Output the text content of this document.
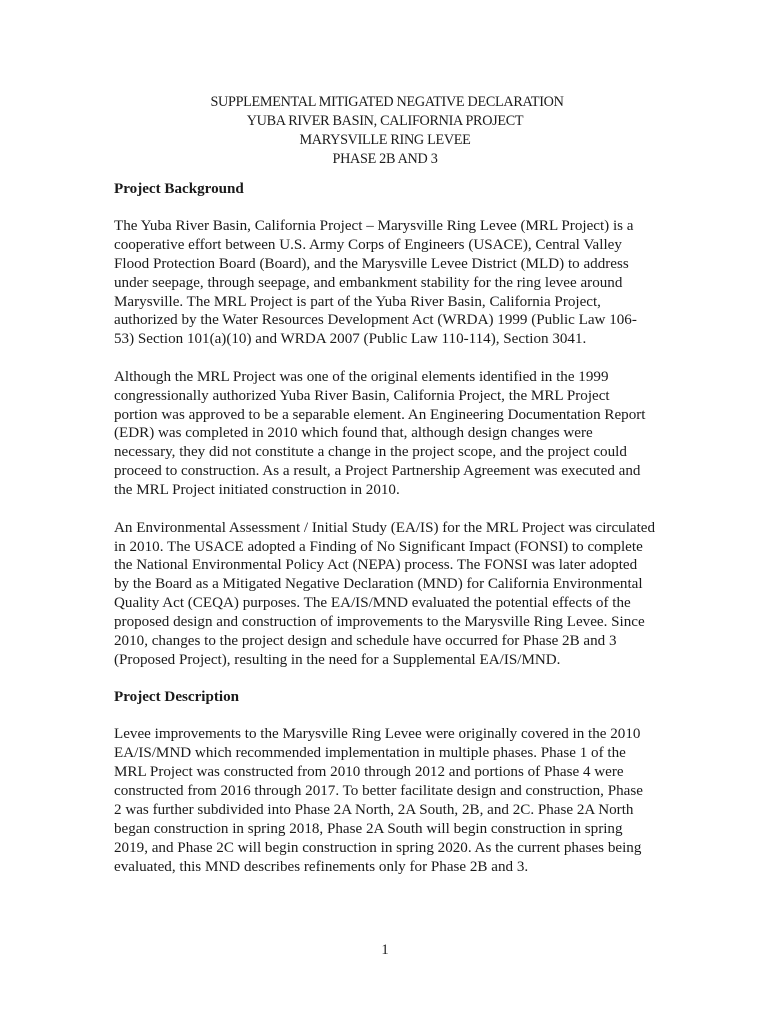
SUPPLEMENTAL MITIGATED NEGATIVE DECLARATION
YUBA RIVER BASIN, CALIFORNIA PROJECT
MARYSVILLE RING LEVEE
PHASE 2B AND 3
Project Background
The Yuba River Basin, California Project – Marysville Ring Levee (MRL Project) is a
cooperative effort between U.S. Army Corps of Engineers (USACE), Central Valley
Flood Protection Board (Board), and the Marysville Levee District (MLD) to address
under seepage, through seepage, and embankment stability for the ring levee around
Marysville. The MRL Project is part of the Yuba River Basin, California Project,
authorized by the Water Resources Development Act (WRDA) 1999 (Public Law 106-
53) Section 101(a)(10) and WRDA 2007 (Public Law 110-114), Section 3041.
Although the MRL Project was one of the original elements identified in the 1999
congressionally authorized Yuba River Basin, California Project, the MRL Project
portion was approved to be a separable element. An Engineering Documentation Report
(EDR) was completed in 2010 which found that, although design changes were
necessary, they did not constitute a change in the project scope, and the project could
proceed to construction. As a result, a Project Partnership Agreement was executed and
the MRL Project initiated construction in 2010.
An Environmental Assessment / Initial Study (EA/IS) for the MRL Project was circulated
in 2010. The USACE adopted a Finding of No Significant Impact (FONSI) to complete
the National Environmental Policy Act (NEPA) process. The FONSI was later adopted
by the Board as a Mitigated Negative Declaration (MND) for California Environmental
Quality Act (CEQA) purposes. The EA/IS/MND evaluated the potential effects of the
proposed design and construction of improvements to the Marysville Ring Levee. Since
2010, changes to the project design and schedule have occurred for Phase 2B and 3
(Proposed Project), resulting in the need for a Supplemental EA/IS/MND.
Project Description
Levee improvements to the Marysville Ring Levee were originally covered in the 2010
EA/IS/MND which recommended implementation in multiple phases. Phase 1 of the
MRL Project was constructed from 2010 through 2012 and portions of Phase 4 were
constructed from 2016 through 2017. To better facilitate design and construction, Phase
2 was further subdivided into Phase 2A North, 2A South, 2B, and 2C. Phase 2A North
began construction in spring 2018, Phase 2A South will begin construction in spring
2019, and Phase 2C will begin construction in spring 2020. As the current phases being
evaluated, this MND describes refinements only for Phase 2B and 3.
1
